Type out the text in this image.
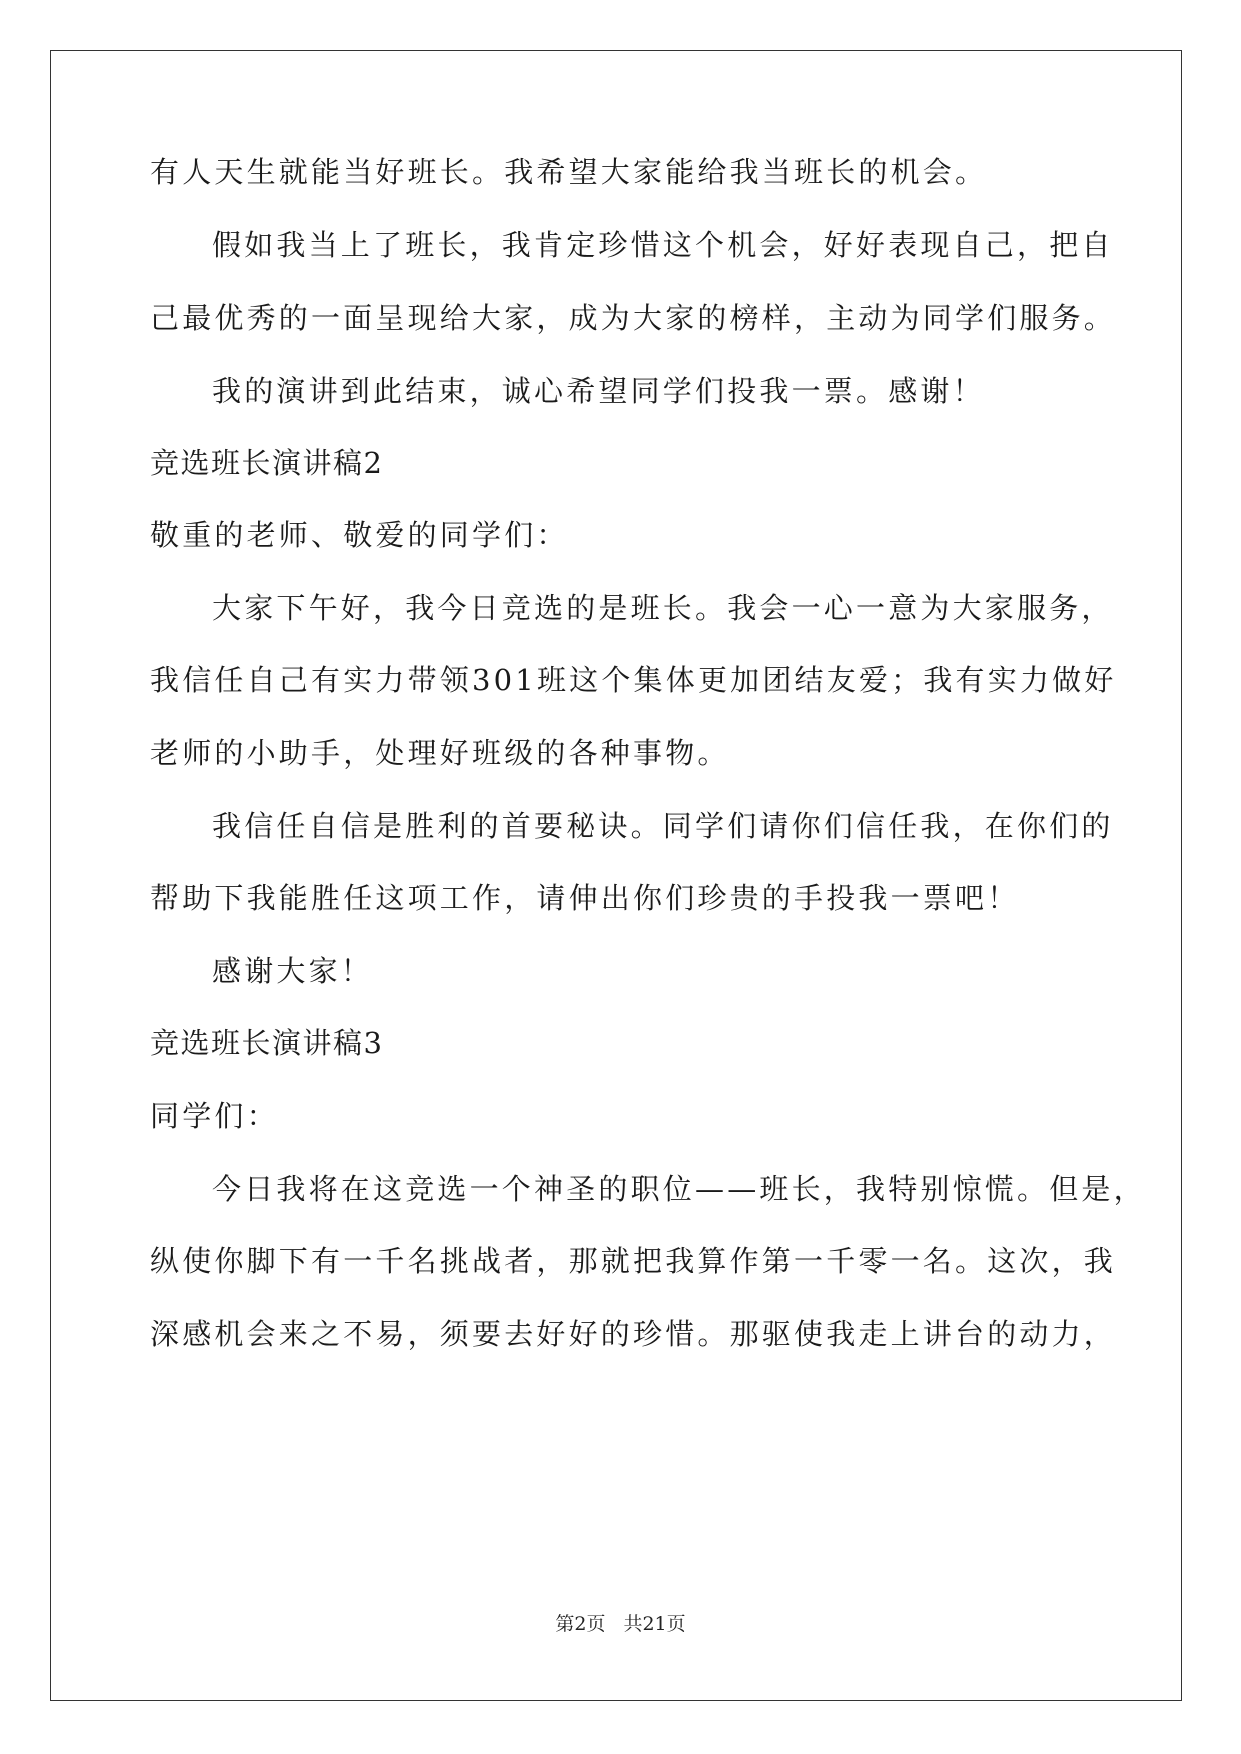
有人天生就能当好班长。我希望大家能给我当班长的机会。
假如我当上了班长，我肯定珍惜这个机会，好好表现自己，把自
己最优秀的一面呈现给大家，成为大家的榜样，主动为同学们服务。
我的演讲到此结束，诚心希望同学们投我一票。感谢！
竞选班长演讲稿2
敬重的老师、敬爱的同学们：
大家下午好，我今日竞选的是班长。我会一心一意为大家服务，
我信任自己有实力带领301班这个集体更加团结友爱；我有实力做好
老师的小助手，处理好班级的各种事物。
我信任自信是胜利的首要秘诀。同学们请你们信任我，在你们的
帮助下我能胜任这项工作，请伸出你们珍贵的手投我一票吧！
感谢大家！
竞选班长演讲稿3
同学们：
今日我将在这竞选一个神圣的职位——班长，我特别惊慌。但是，
纵使你脚下有一千名挑战者，那就把我算作第一千零一名。这次，我
深感机会来之不易，须要去好好的珍惜。那驱使我走上讲台的动力，
第2页 共21页
